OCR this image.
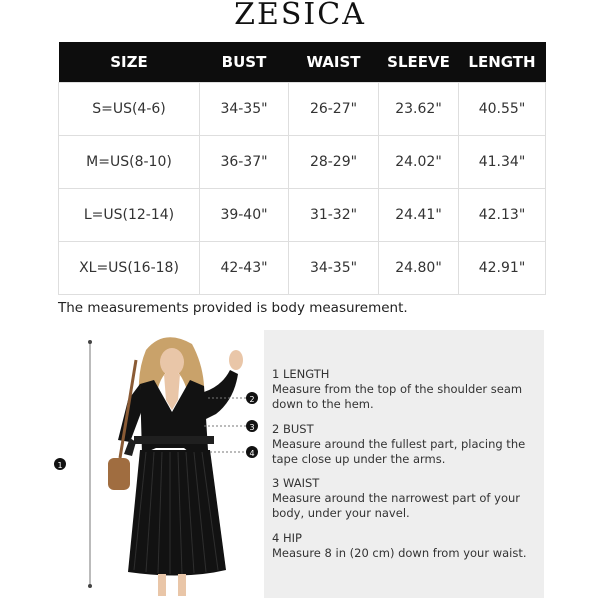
ZESICA
SIZE	BUST	WAIST	SLEEVE	LENGTH
S=US(4-6)	34-35"	26-27"	23.62"	40.55"
M=US(8-10)	36-37"	28-29"	24.02"	41.34"
L=US(12-14)	39-40"	31-32"	24.41"	42.13"
XL=US(16-18)	42-43"	34-35"	24.80"	42.91"
The measurements provided is body measurement.
1
2
3
4
1 LENGTH
Measure from the top of the shoulder seam down to the hem.
2 BUST
Measure around the fullest part, placing the tape close up under the arms.
3 WAIST
Measure around the narrowest part of your body, under your navel.
4 HIP
Measure 8 in (20 cm) down from your waist.
